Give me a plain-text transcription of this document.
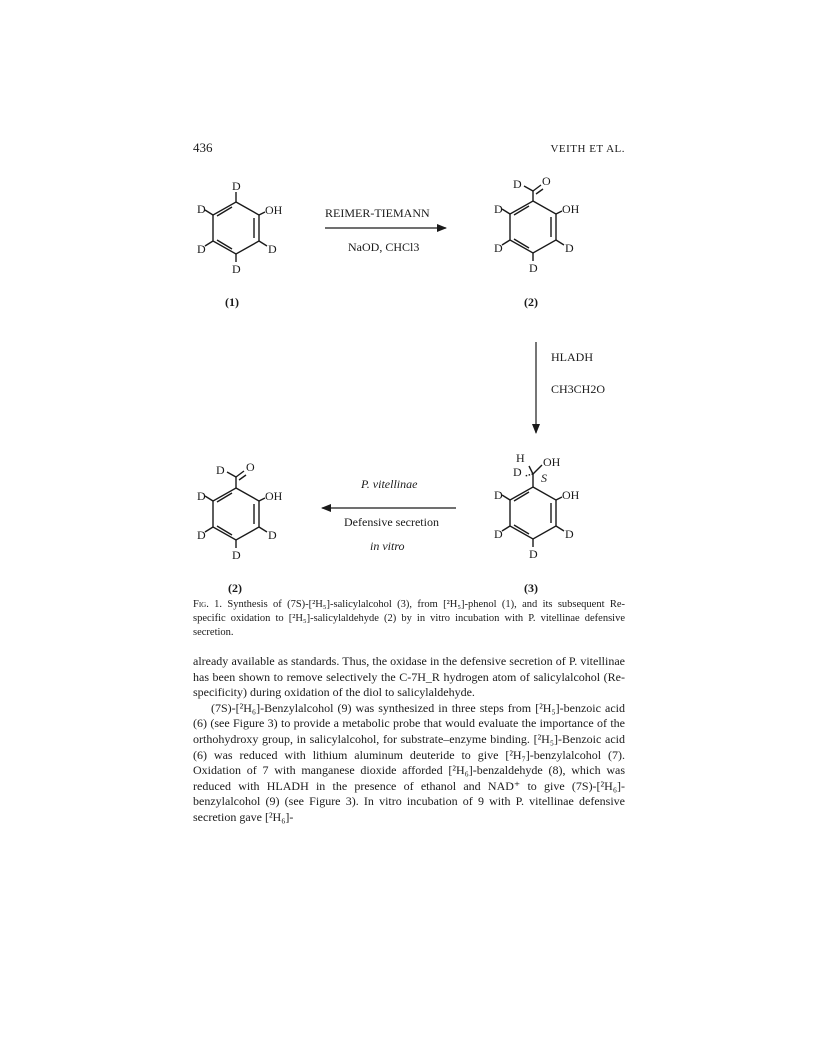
436	VEITH ET AL.
D
D	OH
D	D
D
(1)
REIMER-TIEMANN
NaOD, CHCl3
D O
D	OH
D	D
D
(2)
HLADH
CH3CH2O
H OH
D S
D	OH
D	D
D
(3)
P. vitellinae
Defensive secretion
in vitro
D O
D	OH
D	D
D
(2)
Fig. 1. Synthesis of (7S)-[²H₅]-salicylalcohol (3), from [²H₅]-phenol (1), and its subsequent Re-specific oxidation to [²H₅]-salicylaldehyde (2) by in vitro incubation with P. vitellinae defensive secretion.

already available as standards. Thus, the oxidase in the defensive secretion of P. vitellinae has been shown to remove selectively the C-7H_R hydrogen atom of salicylalcohol (Re-specificity) during oxidation of the diol to salicylaldehyde.

(7S)-[²H₆]-Benzylalcohol (9) was synthesized in three steps from [²H₅]-benzoic acid (6) (see Figure 3) to provide a metabolic probe that would evaluate the importance of the orthohydroxy group, in salicylalcohol, for substrate–enzyme binding. [²H₅]-Benzoic acid (6) was reduced with lithium aluminum deuteride to give [²H₇]-benzylalcohol (7). Oxidation of 7 with manganese dioxide afforded [²H₆]-benzaldehyde (8), which was reduced with HLADH in the presence of ethanol and NAD⁺ to give (7S)-[²H₆]-benzylalcohol (9) (see Figure 3). In vitro incubation of 9 with P. vitellinae defensive secretion gave [²H₆]-
